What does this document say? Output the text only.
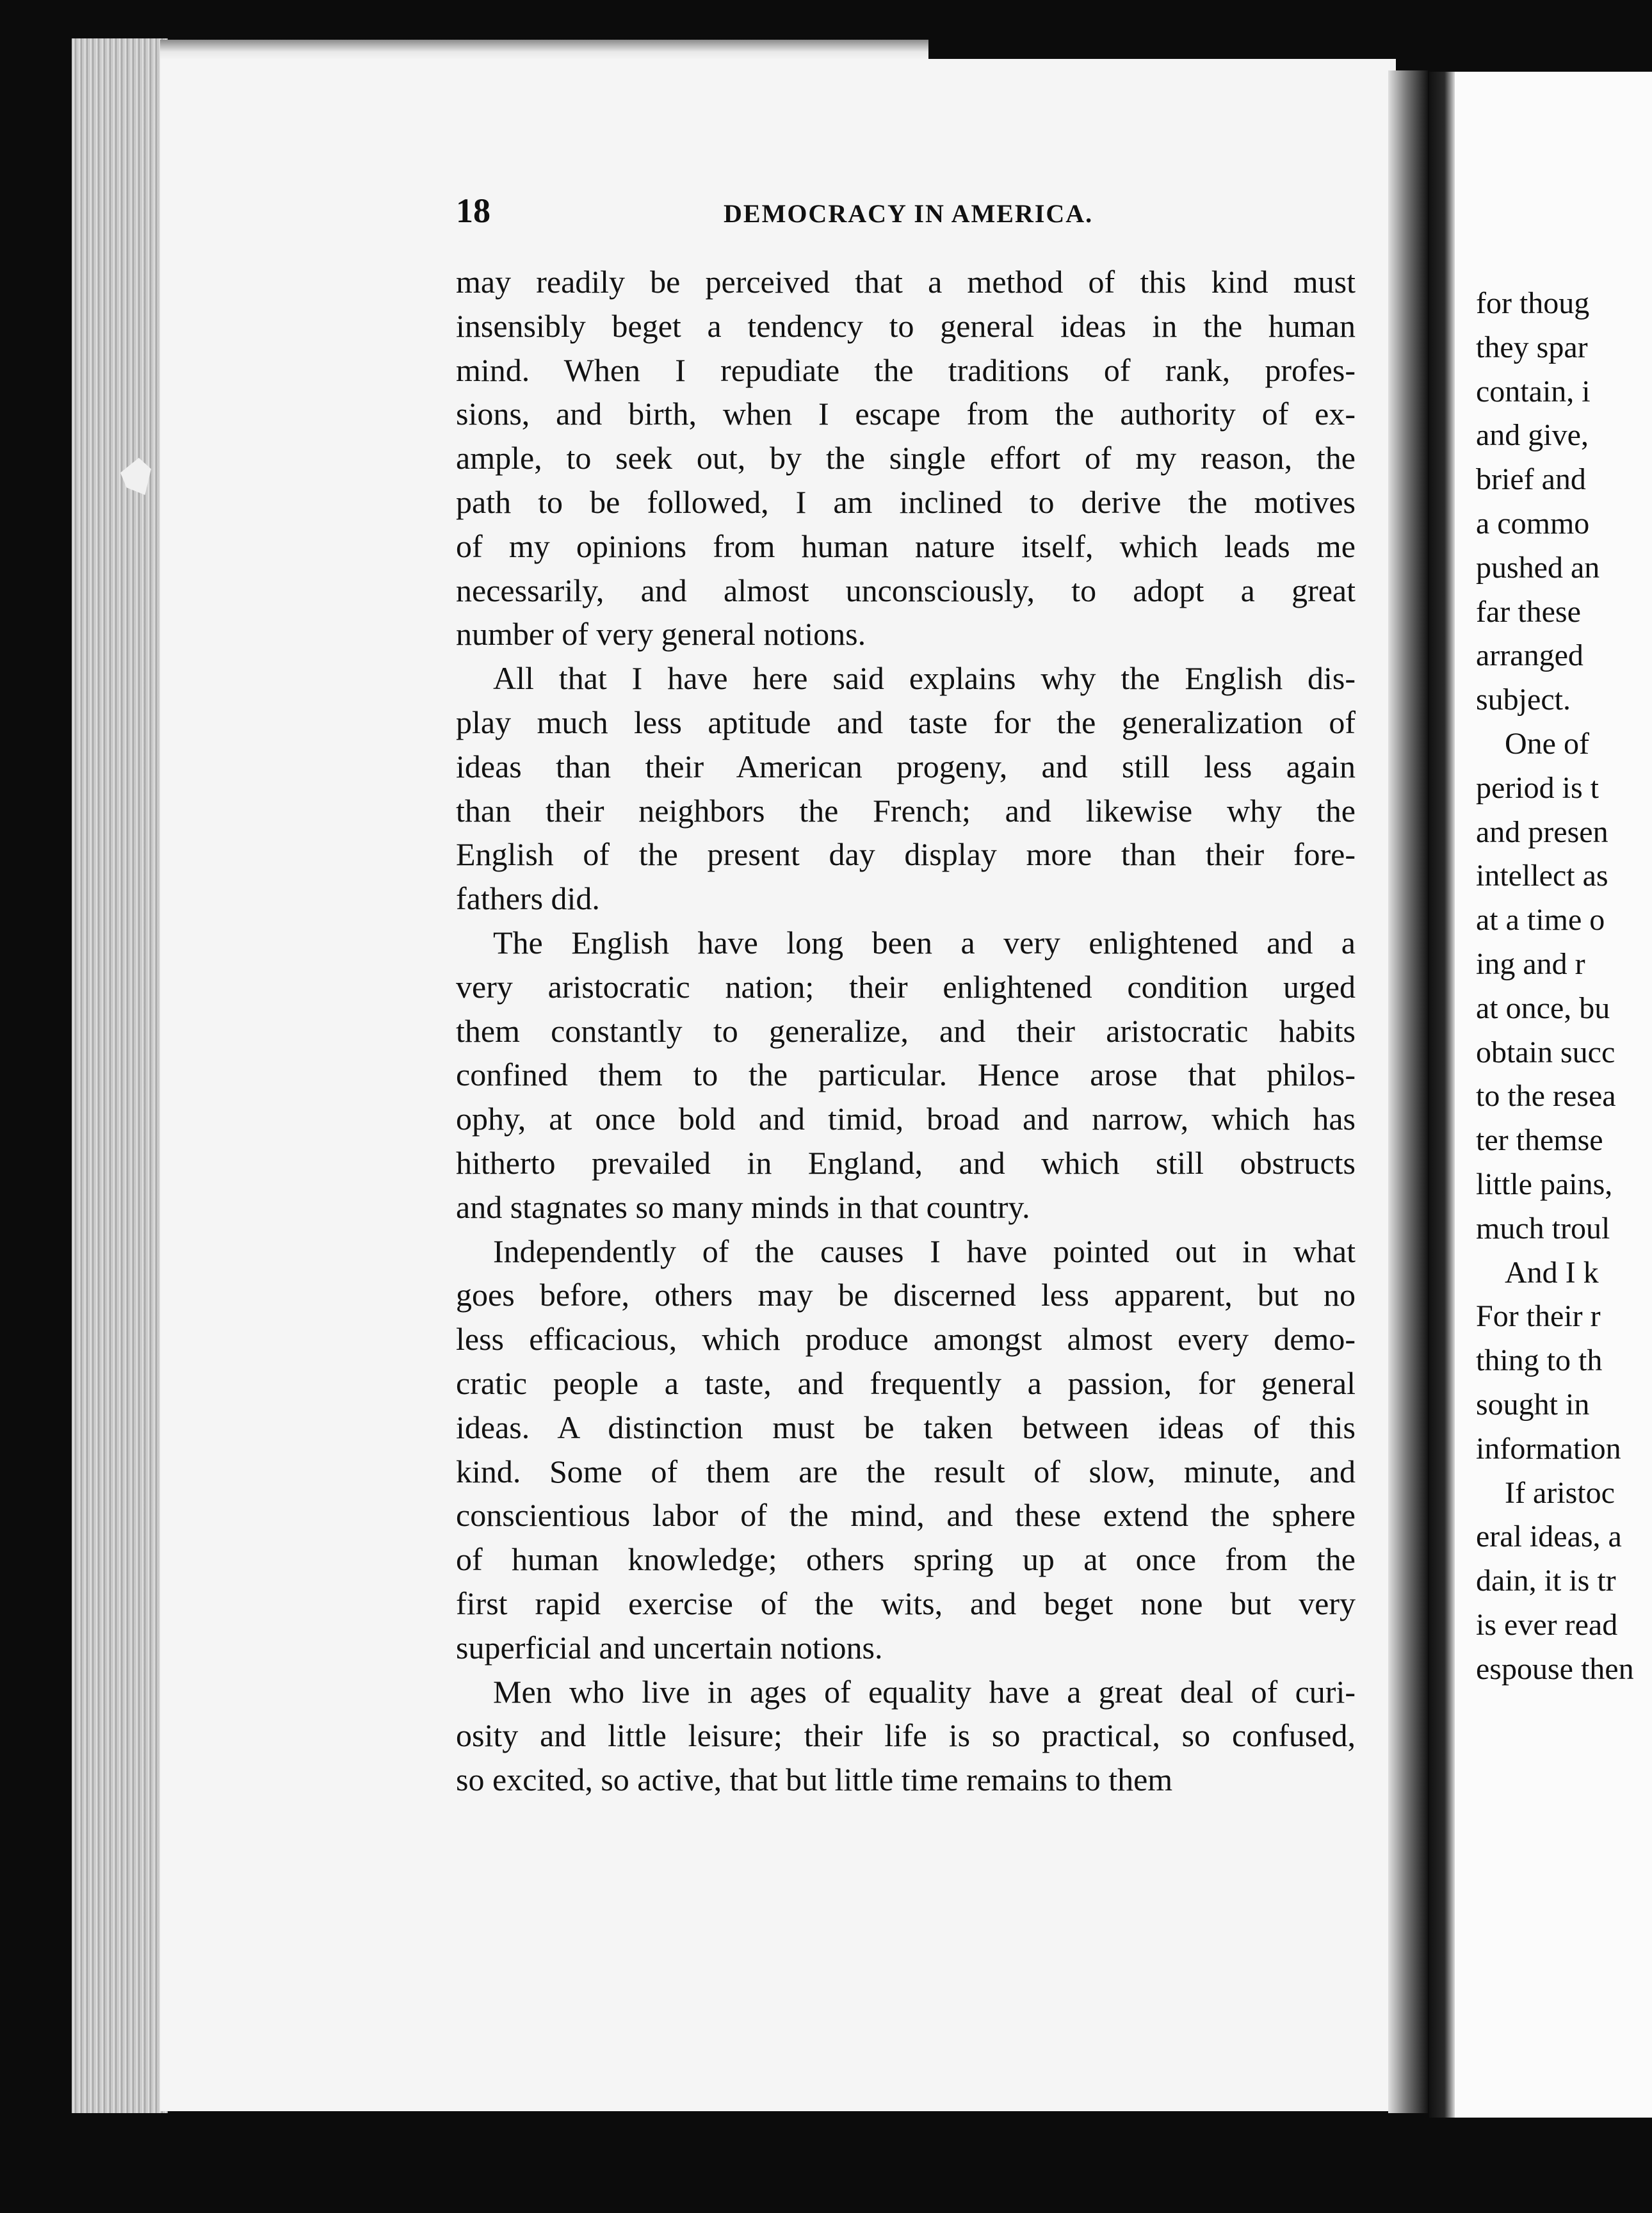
18	DEMOCRACY IN AMERICA.
may readily be perceived that a method of this kind must
insensibly beget a tendency to general ideas in the human
mind. When I repudiate the traditions of rank, profes-
sions, and birth, when I escape from the authority of ex-
ample, to seek out, by the single effort of my reason, the
path to be followed, I am inclined to derive the motives
of my opinions from human nature itself, which leads me
necessarily, and almost unconsciously, to adopt a great
number of very general notions.
All that I have here said explains why the English dis-
play much less aptitude and taste for the generalization of
ideas than their American progeny, and still less again
than their neighbors the French; and likewise why the
English of the present day display more than their fore-
fathers did.
The English have long been a very enlightened and a
very aristocratic nation; their enlightened condition urged
them constantly to generalize, and their aristocratic habits
confined them to the particular. Hence arose that philos-
ophy, at once bold and timid, broad and narrow, which has
hitherto prevailed in England, and which still obstructs
and stagnates so many minds in that country.
Independently of the causes I have pointed out in what
goes before, others may be discerned less apparent, but no
less efficacious, which produce amongst almost every demo-
cratic people a taste, and frequently a passion, for general
ideas. A distinction must be taken between ideas of this
kind. Some of them are the result of slow, minute, and
conscientious labor of the mind, and these extend the sphere
of human knowledge; others spring up at once from the
first rapid exercise of the wits, and beget none but very
superficial and uncertain notions.
Men who live in ages of equality have a great deal of curi-
osity and little leisure; their life is so practical, so confused,
so excited, so active, that but little time remains to them
for thoug
they spar
contain, i
and give,
brief and
a commo
pushed an
far these
arranged
subject.
One of
period is t
and presen
intellect as
at a time o
ing and r
at once, bu
obtain succ
to the resea
ter themse
little pains,
much troul
And I k
For their r
thing to th
sought in
information
If aristoc
eral ideas, a
dain, it is tr
is ever read
espouse then
